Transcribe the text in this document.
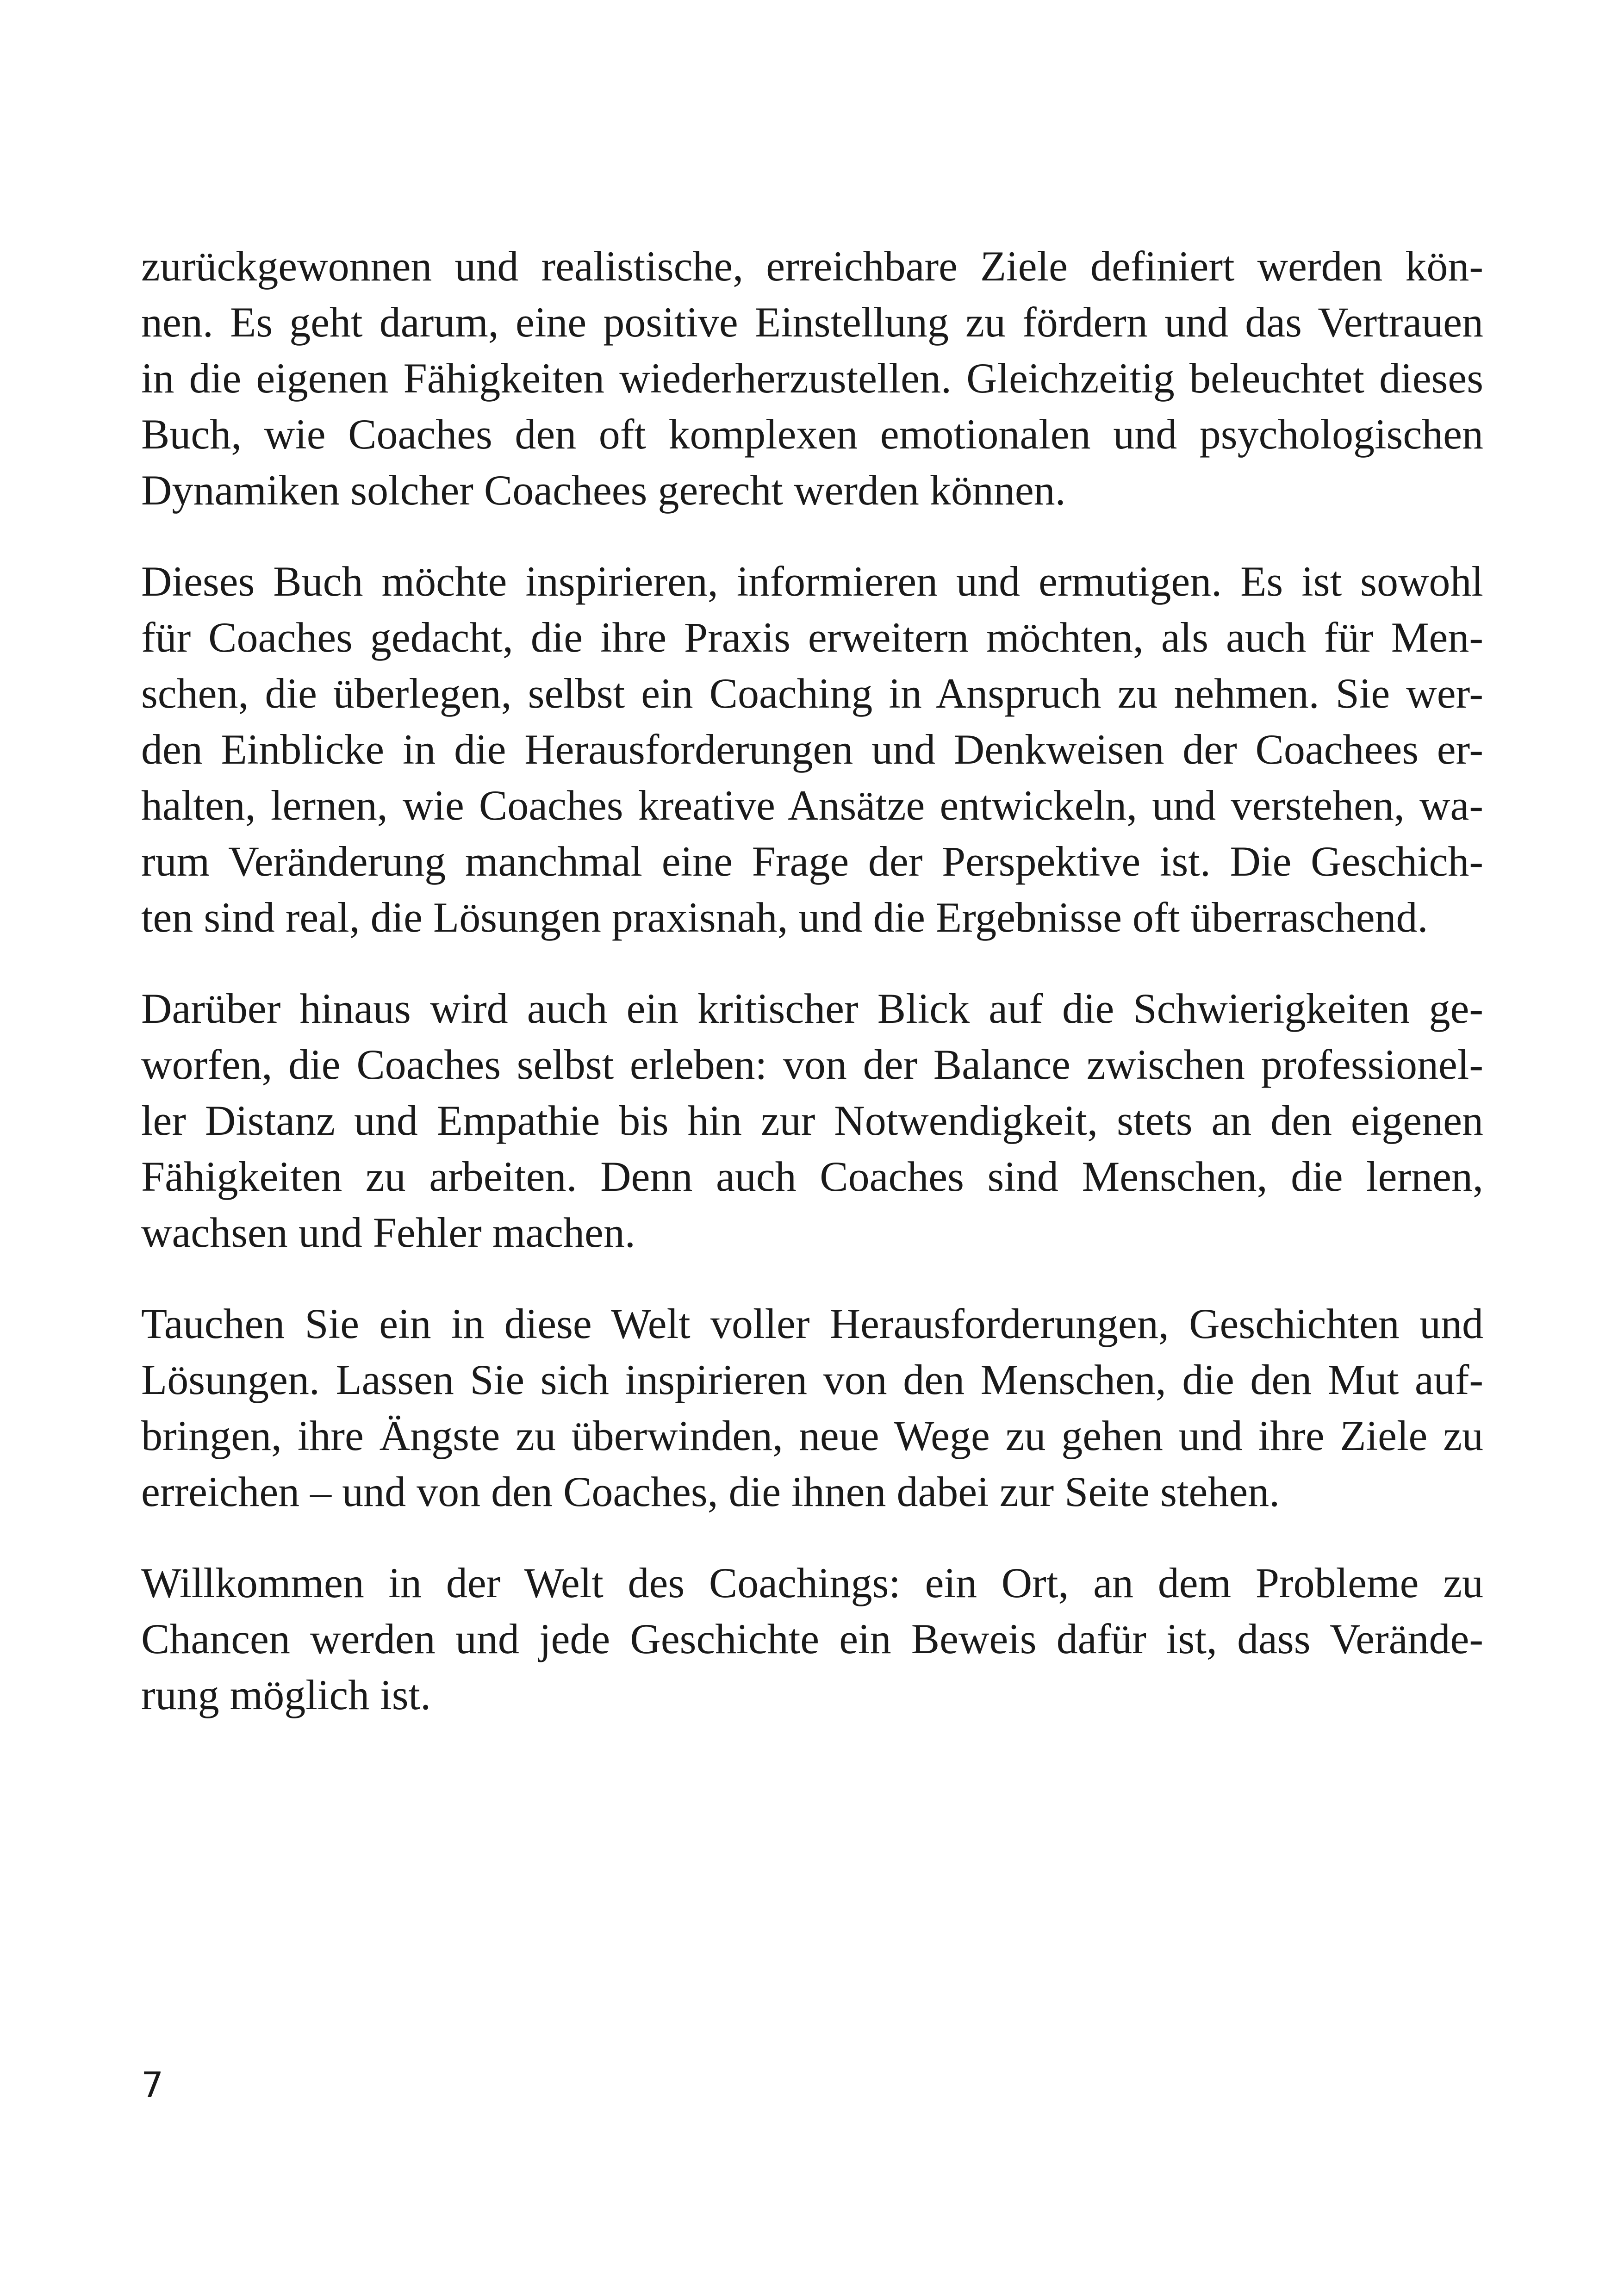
zurückgewonnen und realistische, erreichbare Ziele definiert werden kön-
nen. Es geht darum, eine positive Einstellung zu fördern und das Vertrauen
in die eigenen Fähigkeiten wiederherzustellen. Gleichzeitig beleuchtet dieses
Buch, wie Coaches den oft komplexen emotionalen und psychologischen
Dynamiken solcher Coachees gerecht werden können.
Dieses Buch möchte inspirieren, informieren und ermutigen. Es ist sowohl
für Coaches gedacht, die ihre Praxis erweitern möchten, als auch für Men-
schen, die überlegen, selbst ein Coaching in Anspruch zu nehmen. Sie wer-
den Einblicke in die Herausforderungen und Denkweisen der Coachees er-
halten, lernen, wie Coaches kreative Ansätze entwickeln, und verstehen, wa-
rum Veränderung manchmal eine Frage der Perspektive ist. Die Geschich-
ten sind real, die Lösungen praxisnah, und die Ergebnisse oft überraschend.
Darüber hinaus wird auch ein kritischer Blick auf die Schwierigkeiten ge-
worfen, die Coaches selbst erleben: von der Balance zwischen professionel-
ler Distanz und Empathie bis hin zur Notwendigkeit, stets an den eigenen
Fähigkeiten zu arbeiten. Denn auch Coaches sind Menschen, die lernen,
wachsen und Fehler machen.
Tauchen Sie ein in diese Welt voller Herausforderungen, Geschichten und
Lösungen. Lassen Sie sich inspirieren von den Menschen, die den Mut auf-
bringen, ihre Ängste zu überwinden, neue Wege zu gehen und ihre Ziele zu
erreichen – und von den Coaches, die ihnen dabei zur Seite stehen.
Willkommen in der Welt des Coachings: ein Ort, an dem Probleme zu
Chancen werden und jede Geschichte ein Beweis dafür ist, dass Verände-
rung möglich ist.
7
